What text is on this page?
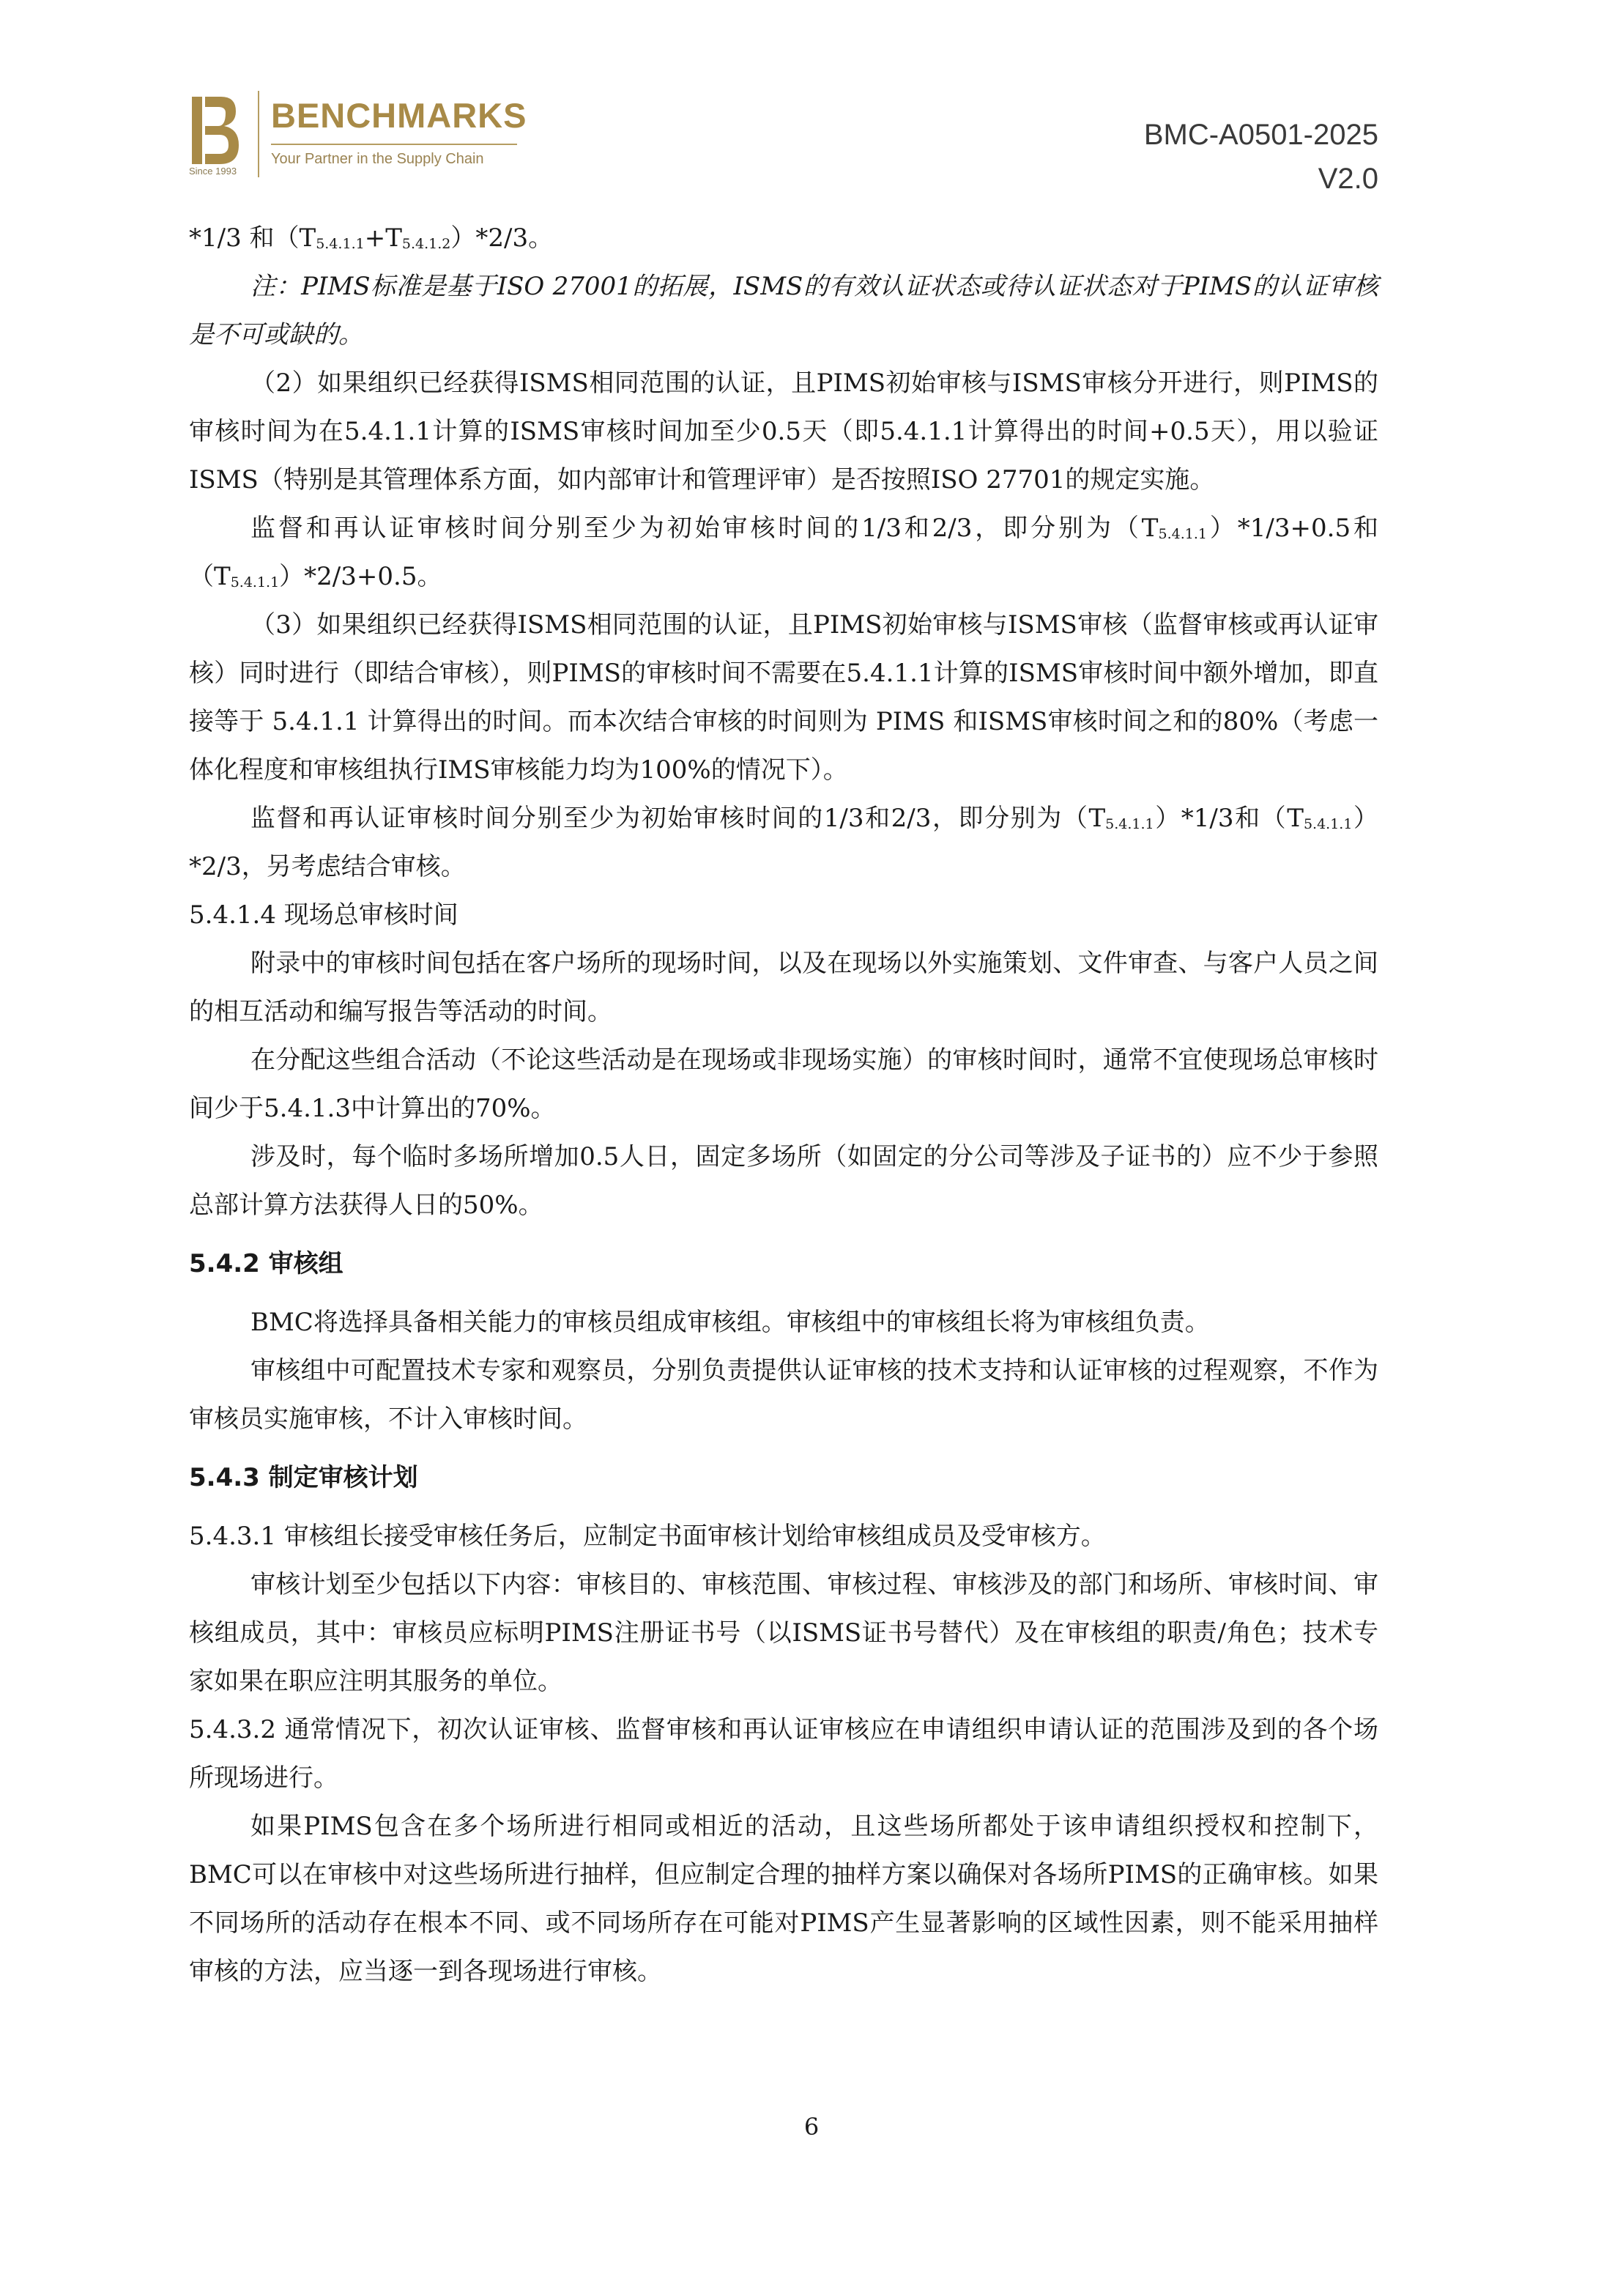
Since 1993
BENCHMARKS
Your Partner in the Supply Chain
BMC-A0501-2025
V2.0

*1/3 和$(T_{5.4.1.1}+T_{5.4.1.2})*2/3$。

注：PIMS标准是基于ISO 27001的拓展，ISMS的有效认证状态或待认证状态对于PIMS的认证审核是不可或缺的。

（2）如果组织已经获得ISMS相同范围的认证，且PIMS初始审核与ISMS审核分开进行，则PIMS的审核时间为在5.4.1.1计算的ISMS审核时间加至少0.5天（即5.4.1.1计算得出的时间+0.5天），用以验证ISMS（特别是其管理体系方面，如内部审计和管理评审）是否按照ISO 27701的规定实施。

监督和再认证审核时间分别至少为初始审核时间的1/3和2/3，即分别为$(T_{5.4.1.1})*1/3+0.5$和$(T_{5.4.1.1})*2/3+0.5$。

（3）如果组织已经获得ISMS相同范围的认证，且PIMS初始审核与ISMS审核（监督审核或再认证审核）同时进行（即结合审核），则PIMS的审核时间不需要在5.4.1.1计算的ISMS审核时间中额外增加，即直接等于 5.4.1.1 计算得出的时间。而本次结合审核的时间则为 PIMS 和ISMS审核时间之和的80%（考虑一体化程度和审核组执行IMS审核能力均为100%的情况下）。

监督和再认证审核时间分别至少为初始审核时间的1/3和2/3，即分别为$(T_{5.4.1.1})*1/3$和$(T_{5.4.1.1})*2/3$，另考虑结合审核。

5.4.1.4 现场总审核时间

附录中的审核时间包括在客户场所的现场时间，以及在现场以外实施策划、文件审查、与客户人员之间的相互活动和编写报告等活动的时间。

在分配这些组合活动（不论这些活动是在现场或非现场实施）的审核时间时，通常不宜使现场总审核时间少于5.4.1.3中计算出的70%。

涉及时，每个临时多场所增加0.5人日，固定多场所（如固定的分公司等涉及子证书的）应不少于参照总部计算方法获得人日的50%。

5.4.2 审核组

BMC将选择具备相关能力的审核员组成审核组。审核组中的审核组长将为审核组负责。

审核组中可配置技术专家和观察员，分别负责提供认证审核的技术支持和认证审核的过程观察，不作为审核员实施审核，不计入审核时间。

5.4.3 制定审核计划

5.4.3.1 审核组长接受审核任务后，应制定书面审核计划给审核组成员及受审核方。

审核计划至少包括以下内容：审核目的、审核范围、审核过程、审核涉及的部门和场所、审核时间、审核组成员，其中：审核员应标明PIMS注册证书号（以ISMS证书号替代）及在审核组的职责/角色；技术专家如果在职应注明其服务的单位。

5.4.3.2 通常情况下，初次认证审核、监督审核和再认证审核应在申请组织申请认证的范围涉及到的各个场所现场进行。

如果PIMS包含在多个场所进行相同或相近的活动，且这些场所都处于该申请组织授权和控制下，BMC可以在审核中对这些场所进行抽样，但应制定合理的抽样方案以确保对各场所PIMS的正确审核。如果不同场所的活动存在根本不同、或不同场所存在可能对PIMS产生显著影响的区域性因素，则不能采用抽样审核的方法，应当逐一到各现场进行审核。

6
